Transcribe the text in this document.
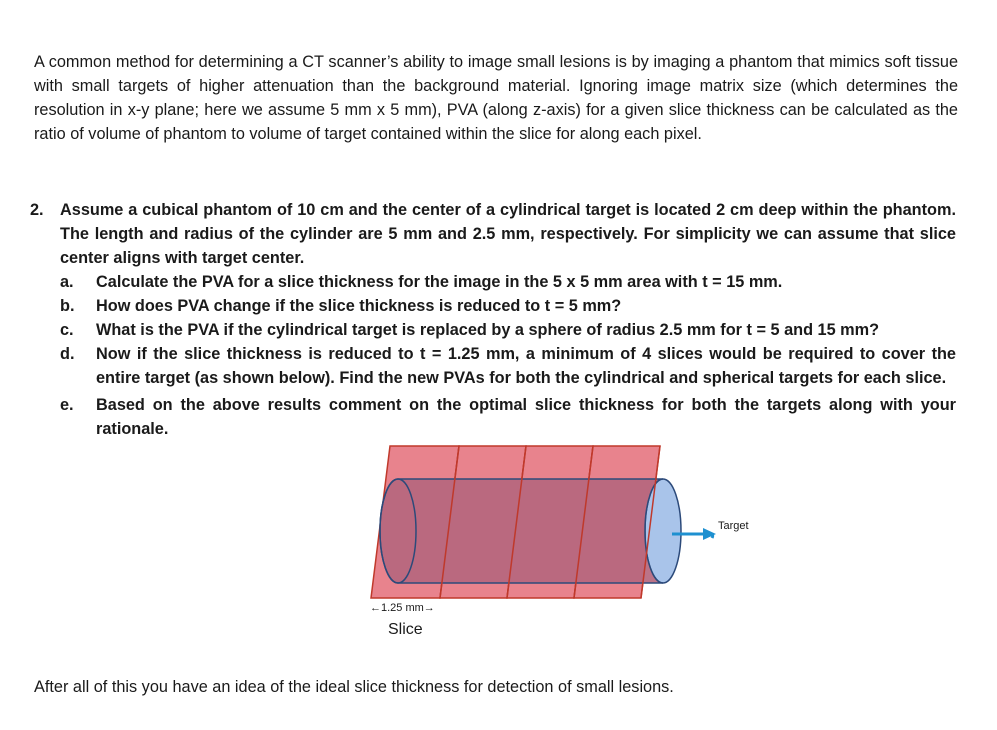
A common method for determining a CT scanner’s ability to image small lesions is by imaging a phantom that mimics soft tissue with small targets of higher attenuation than the background material. Ignoring image matrix size (which determines the resolution in x-y plane; here we assume 5 mm x 5 mm), PVA (along z-axis) for a given slice thickness can be calculated as the ratio of volume of phantom to volume of target contained within the slice for along each pixel.

2.	Assume a cubical phantom of 10 cm and the center of a cylindrical target is located 2 cm deep within the phantom. The length and radius of the cylinder are 5 mm and 2.5 mm, respectively. For simplicity we can assume that slice center aligns with target center.
a.	Calculate the PVA for a slice thickness for the image in the 5 x 5 mm area with t = 15 mm.
b.	How does PVA change if the slice thickness is reduced to t = 5 mm?
c.	What is the PVA if the cylindrical target is replaced by a sphere of radius 2.5 mm for t = 5 and 15 mm?
d.	Now if the slice thickness is reduced to t = 1.25 mm, a minimum of 4 slices would be required to cover the entire target (as shown below). Find the new PVAs for both the cylindrical and spherical targets for each slice.
e.	Based on the above results comment on the optimal slice thickness for both the targets along with your rationale.
Target
←1.25 mm→
Slice

After all of this you have an idea of the ideal slice thickness for detection of small lesions.
